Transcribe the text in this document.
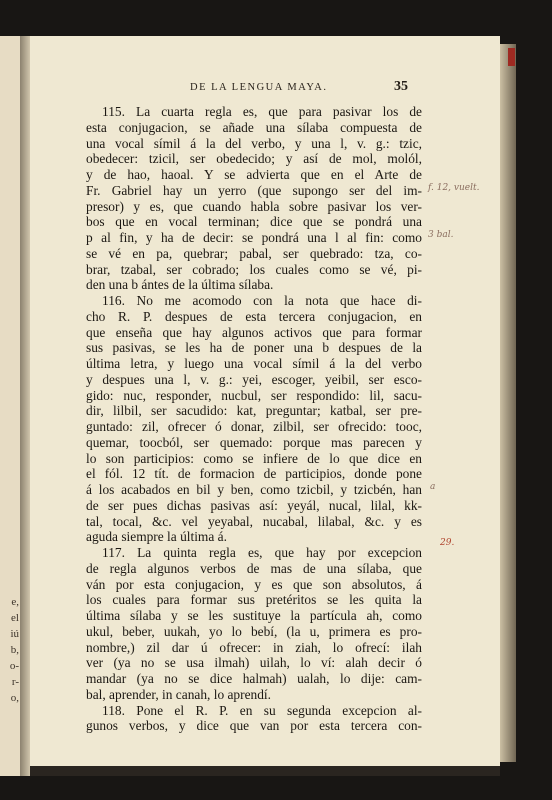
e,
el
iú
b,
o-
r-
o,
DE LA LENGUA MAYA.	35
115. La cuarta regla es, que para pasivar los de
esta conjugacion, se añade una sílaba compuesta de
una vocal símil á la del verbo, y una l, v. g.: tzic,
obedecer: tzicil, ser obedecido; y así de mol, molól,
y de hao, haoal. Y se advierta que en el Arte de
Fr. Gabriel hay un yerro (que supongo ser del im-
presor) y es, que cuando habla sobre pasivar los ver-
bos que en vocal terminan; dice que se pondrá una
p al fin, y ha de decir: se pondrá una l al fin: como
se vé en pa, quebrar; pabal, ser quebrado: tza, co-
brar, tzabal, ser cobrado; los cuales como se vé, pi-
den una b ántes de la última sílaba.
116. No me acomodo con la nota que hace di-
cho R. P. despues de esta tercera conjugacion, en
que enseña que hay algunos activos que para formar
sus pasivas, se les ha de poner una b despues de la
última letra, y luego una vocal símil á la del verbo
y despues una l, v. g.: yei, escoger, yeibil, ser esco-
gido: nuc, responder, nucbul, ser respondido: lil, sacu-
dir, lilbil, ser sacudido: kat, preguntar; katbal, ser pre-
guntado: zil, ofrecer ó donar, zilbil, ser ofrecido: tooc,
quemar, toocból, ser quemado: porque mas parecen y
lo son participios: como se infiere de lo que dice en
el fól. 12 tít. de formacion de participios, donde pone
á los acabados en bil y ben, como tzicbil, y tzicbén, han
de ser pues dichas pasivas así: yeyál, nucal, lilal, kk-
tal, tocal, &c. vel yeyabal, nucabal, lilabal, &c. y es
aguda siempre la última á.
117. La quinta regla es, que hay por excepcion
de regla algunos verbos de mas de una sílaba, que
ván por esta conjugacion, y es que son absolutos, á
los cuales para formar sus pretéritos se les quita la
última sílaba y se les sustituye la partícula ah, como
ukul, beber, uukah, yo lo bebí, (la u, primera es pro-
nombre,) zil dar ú ofrecer: in ziah, lo ofrecí: ilah
ver (ya no se usa ilmah) uilah, lo ví: alah decir ó
mandar (ya no se dice halmah) ualah, lo dije: cam-
bal, aprender, in canah, lo aprendí.
118. Pone el R. P. en su segunda excepcion al-
gunos verbos, y dice que van por esta tercera con-
f. 12, vuelt.
3 bal.
a
29.
